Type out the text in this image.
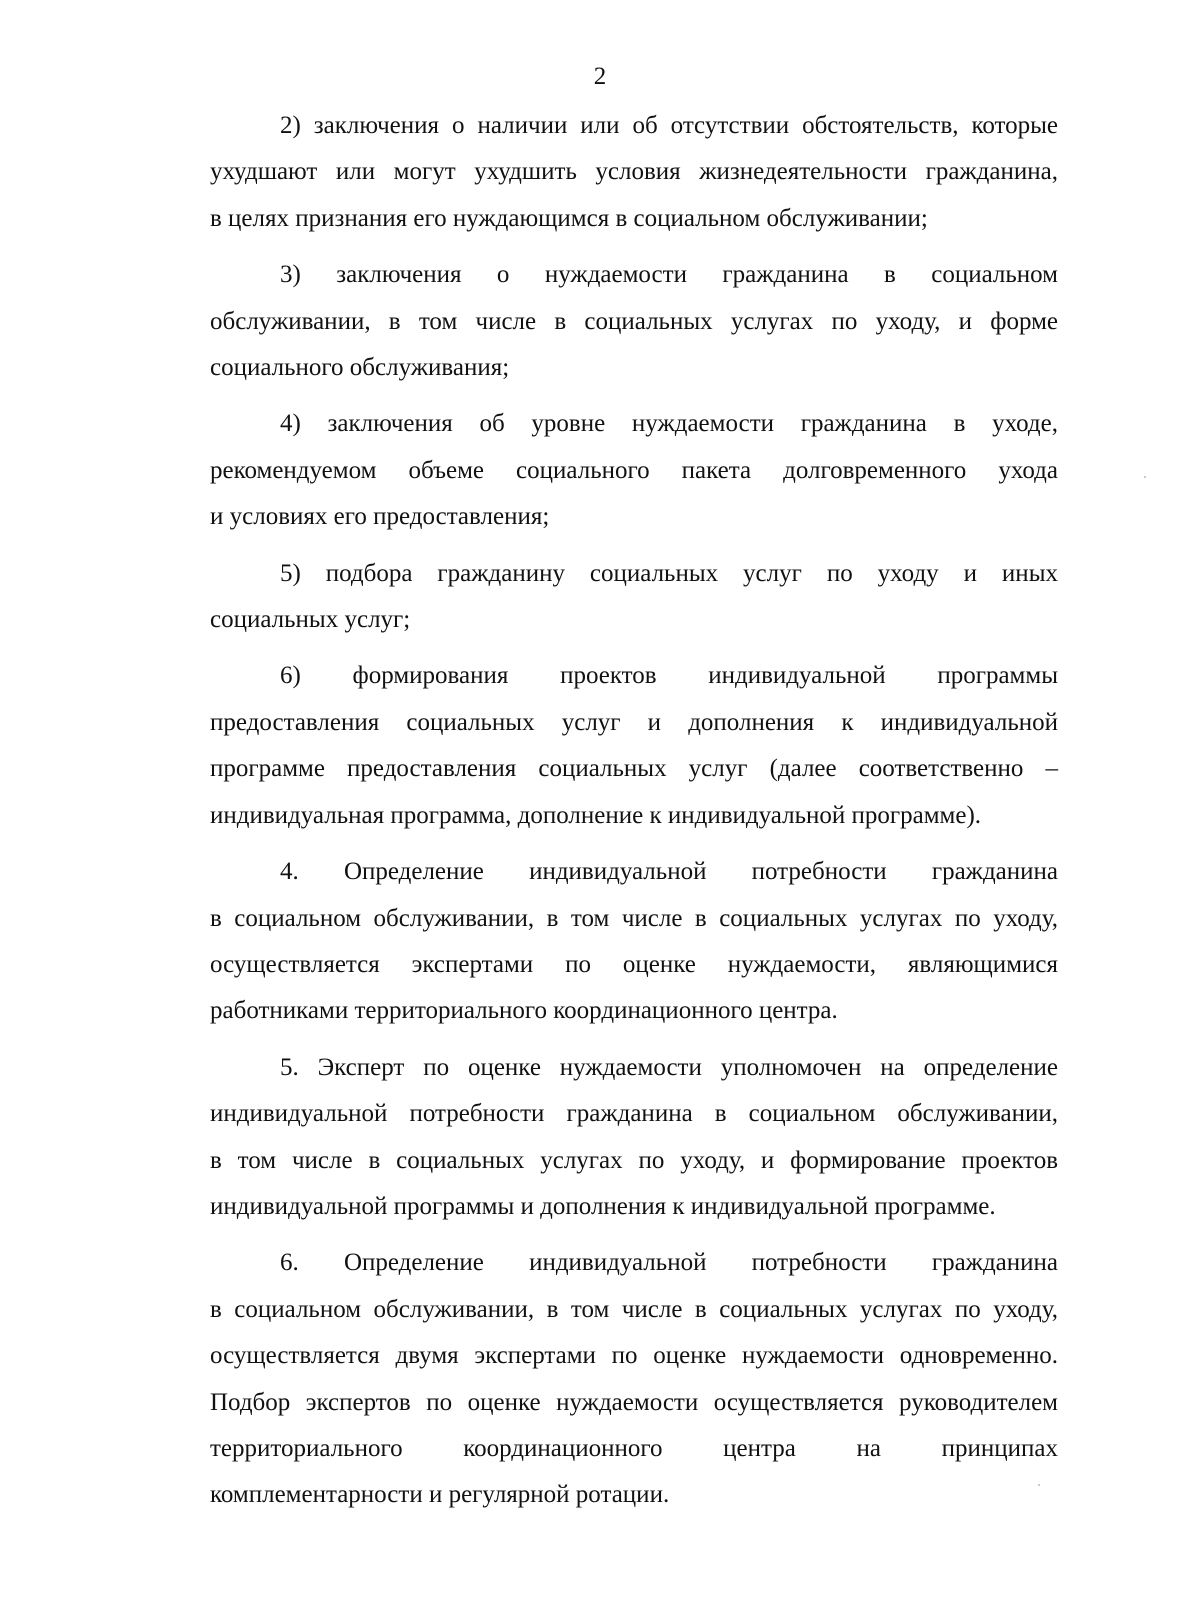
2

2) заключения о наличии или об отсутствии обстоятельств, которые
ухудшают или могут ухудшить условия жизнедеятельности гражданина,
в целях признания его нуждающимся в социальном обслуживании;

3) заключения о нуждаемости гражданина в социальном
обслуживании, в том числе в социальных услугах по уходу, и форме
социального обслуживания;

4) заключения об уровне нуждаемости гражданина в уходе,
рекомендуемом объеме социального пакета долговременного ухода
и условиях его предоставления;

5) подбора гражданину социальных услуг по уходу и иных
социальных услуг;

6) формирования проектов индивидуальной программы
предоставления социальных услуг и дополнения к индивидуальной
программе предоставления социальных услуг (далее соответственно –
индивидуальная программа, дополнение к индивидуальной программе).

4. Определение индивидуальной потребности гражданина
в социальном обслуживании, в том числе в социальных услугах по уходу,
осуществляется экспертами по оценке нуждаемости, являющимися
работниками территориального координационного центра.

5. Эксперт по оценке нуждаемости уполномочен на определение
индивидуальной потребности гражданина в социальном обслуживании,
в том числе в социальных услугах по уходу, и формирование проектов
индивидуальной программы и дополнения к индивидуальной программе.

6. Определение индивидуальной потребности гражданина
в социальном обслуживании, в том числе в социальных услугах по уходу,
осуществляется двумя экспертами по оценке нуждаемости одновременно.
Подбор экспертов по оценке нуждаемости осуществляется руководителем
территориального координационного центра на принципах
комплементарности и регулярной ротации.
